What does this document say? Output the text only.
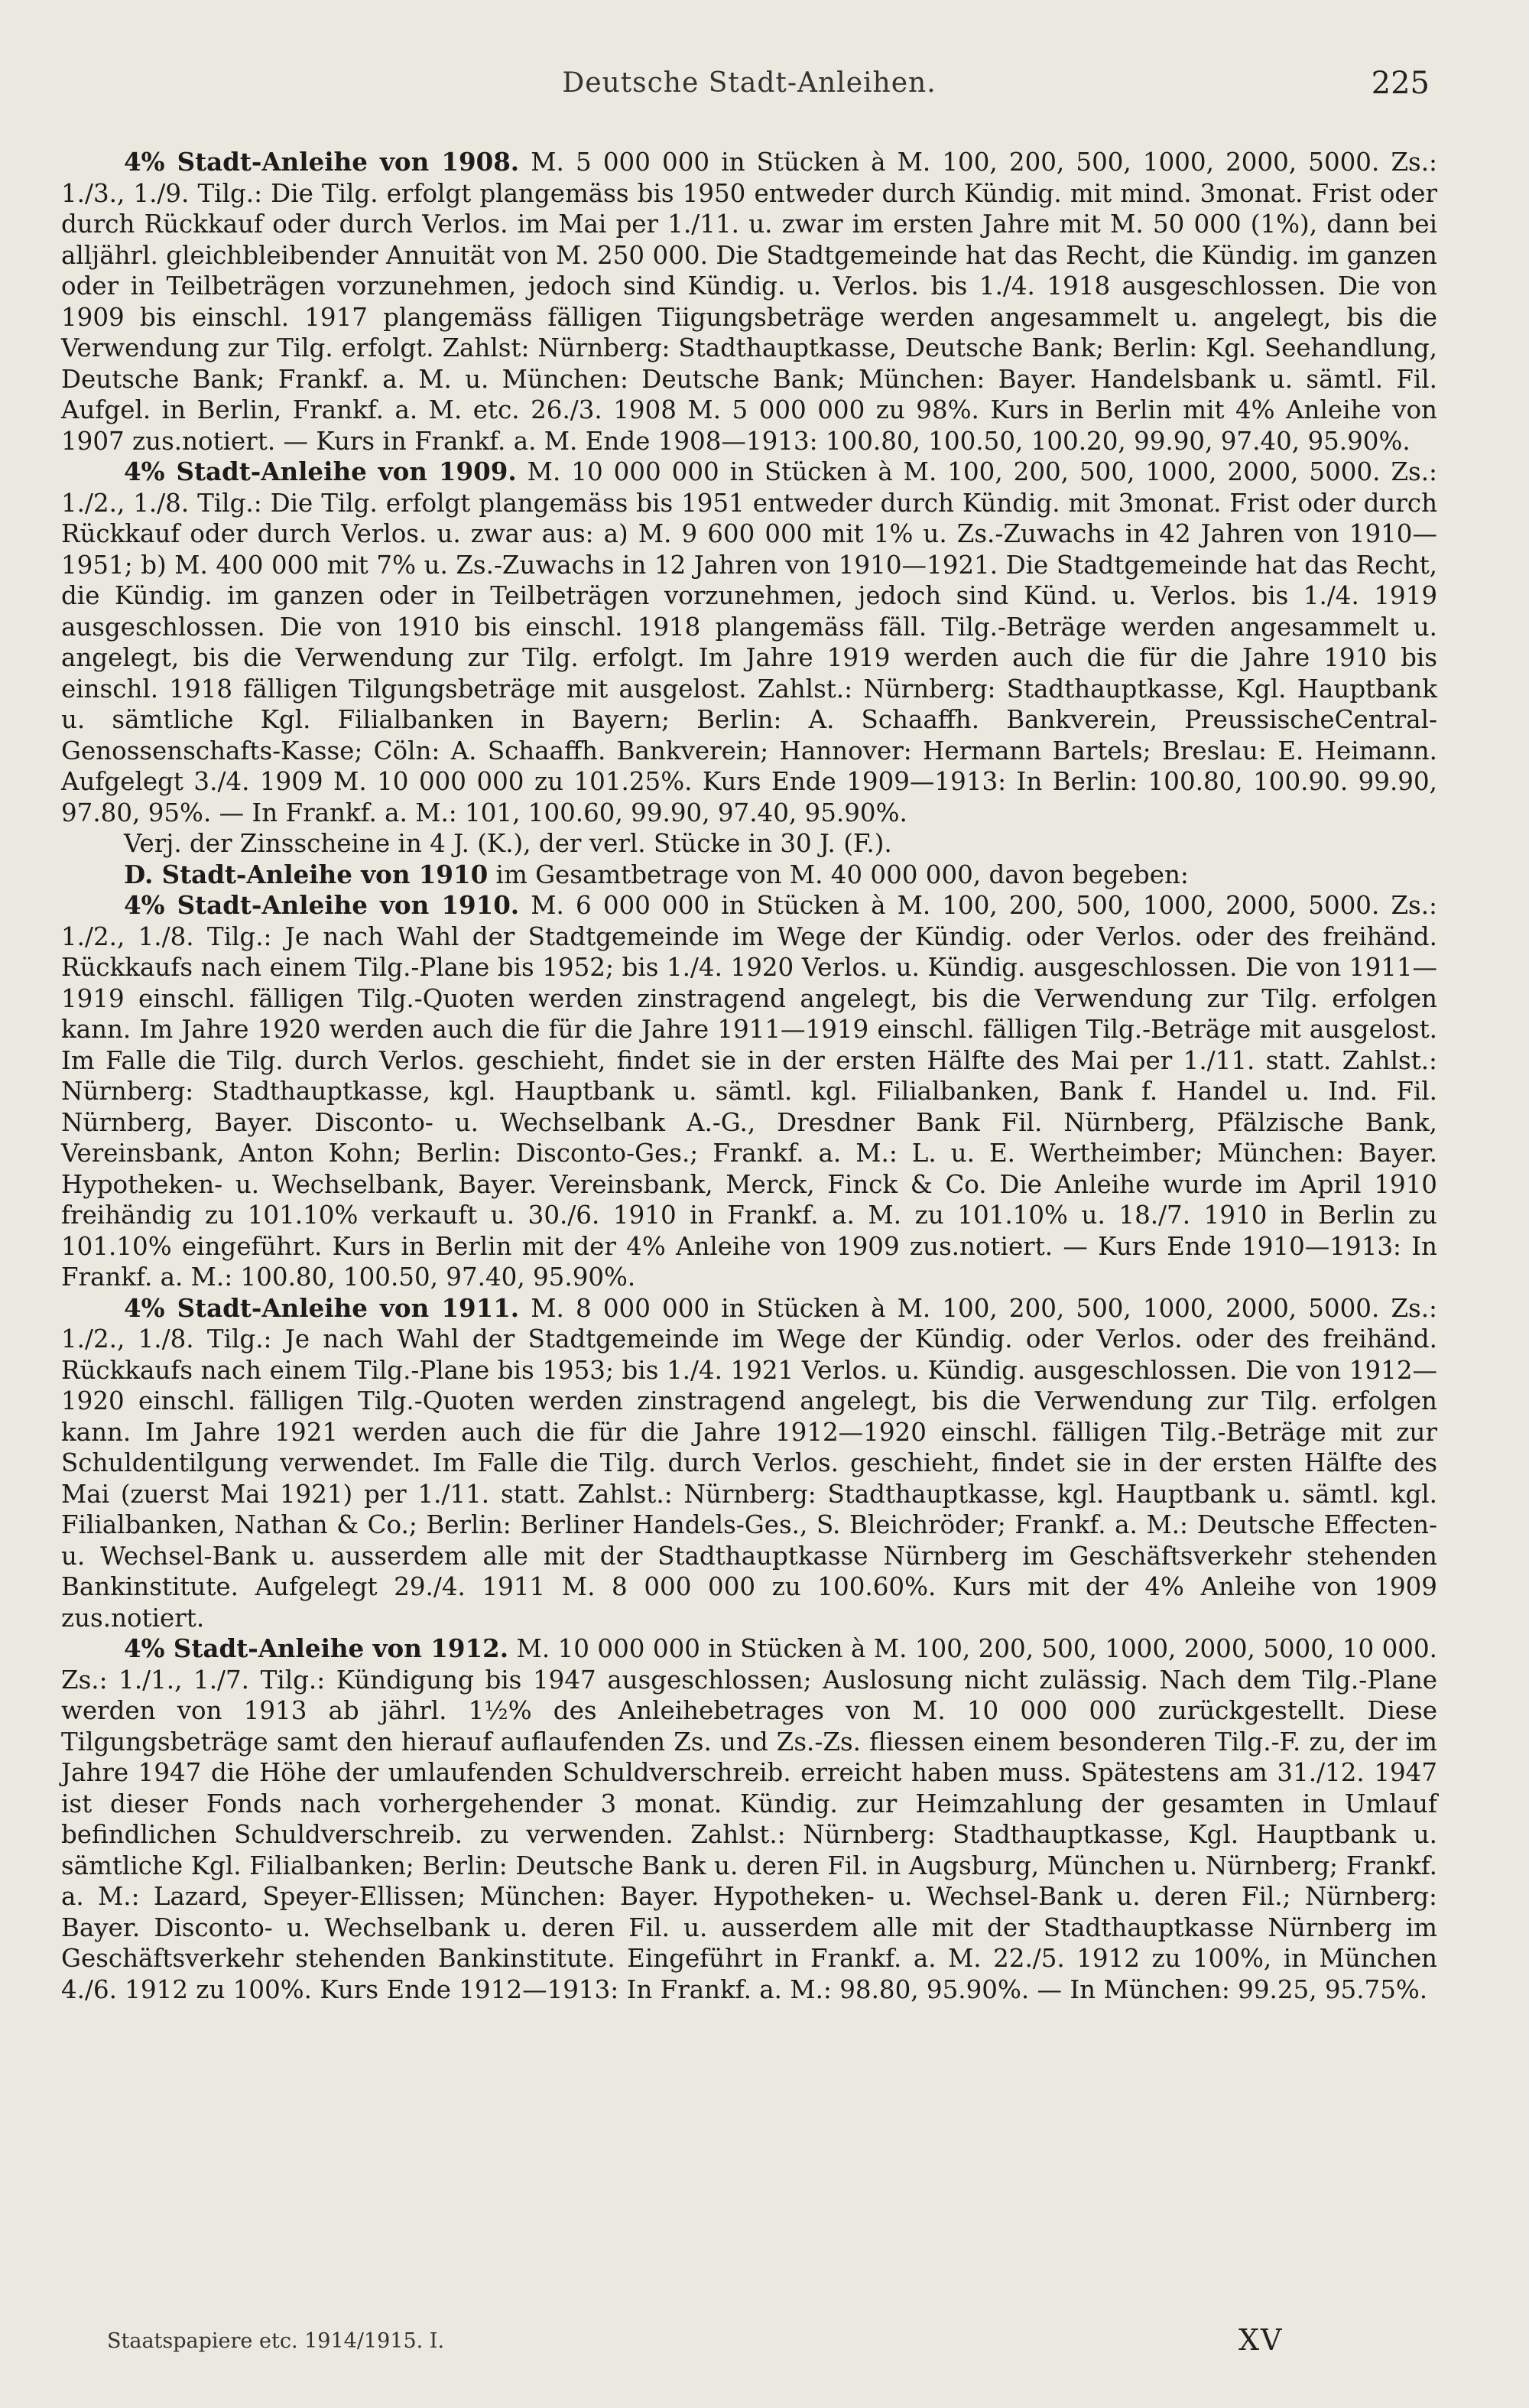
Deutsche Stadt-Anleihen.	225

4% Stadt-Anleihe von 1908. M. 5 000 000 in Stücken à M. 100, 200, 500, 1000, 2000, 5000. Zs.: 1./3., 1./9. Tilg.: Die Tilg. erfolgt plangemäss bis 1950 entweder durch Kündig. mit mind. 3monat. Frist oder durch Rückkauf oder durch Verlos. im Mai per 1./11. u. zwar im ersten Jahre mit M. 50 000 (1%), dann bei alljährl. gleichbleibender Annuität von M. 250 000. Die Stadtgemeinde hat das Recht, die Kündig. im ganzen oder in Teilbeträgen vorzunehmen, jedoch sind Kündig. u. Verlos. bis 1./4. 1918 ausgeschlossen. Die von 1909 bis einschl. 1917 plangemäss fälligen Tiigungsbeträge werden angesammelt u. angelegt, bis die Verwendung zur Tilg. erfolgt. Zahlst: Nürnberg: Stadthauptkasse, Deutsche Bank; Berlin: Kgl. Seehandlung, Deutsche Bank; Frankf. a. M. u. München: Deutsche Bank; München: Bayer. Handelsbank u. sämtl. Fil. Aufgel. in Berlin, Frankf. a. M. etc. 26./3. 1908 M. 5 000 000 zu 98%. Kurs in Berlin mit 4% Anleihe von 1907 zus.notiert. — Kurs in Frankf. a. M. Ende 1908—1913: 100.80, 100.50, 100.20, 99.90, 97.40, 95.90%.

4% Stadt-Anleihe von 1909. M. 10 000 000 in Stücken à M. 100, 200, 500, 1000, 2000, 5000. Zs.: 1./2., 1./8. Tilg.: Die Tilg. erfolgt plangemäss bis 1951 entweder durch Kündig. mit 3monat. Frist oder durch Rückkauf oder durch Verlos. u. zwar aus: a) M. 9 600 000 mit 1% u. Zs.-Zuwachs in 42 Jahren von 1910—1951; b) M. 400 000 mit 7% u. Zs.-Zuwachs in 12 Jahren von 1910—1921. Die Stadtgemeinde hat das Recht, die Kündig. im ganzen oder in Teilbeträgen vorzunehmen, jedoch sind Künd. u. Verlos. bis 1./4. 1919 ausgeschlossen. Die von 1910 bis einschl. 1918 plangemäss fäll. Tilg.-Beträge werden angesammelt u. angelegt, bis die Verwendung zur Tilg. erfolgt. Im Jahre 1919 werden auch die für die Jahre 1910 bis einschl. 1918 fälligen Tilgungsbeträge mit ausgelost. Zahlst.: Nürnberg: Stadthauptkasse, Kgl. Hauptbank u. sämtliche Kgl. Filialbanken in Bayern; Berlin: A. Schaaffh. Bankverein, PreussischeCentral-Genossenschafts-Kasse; Cöln: A. Schaaffh. Bankverein; Hannover: Hermann Bartels; Breslau: E. Heimann. Aufgelegt 3./4. 1909 M. 10 000 000 zu 101.25%. Kurs Ende 1909—1913: In Berlin: 100.80, 100.90. 99.90, 97.80, 95%. — In Frankf. a. M.: 101, 100.60, 99.90, 97.40, 95.90%.

Verj. der Zinsscheine in 4 J. (K.), der verl. Stücke in 30 J. (F.).

D. Stadt-Anleihe von 1910 im Gesamtbetrage von M. 40 000 000, davon begeben:

4% Stadt-Anleihe von 1910. M. 6 000 000 in Stücken à M. 100, 200, 500, 1000, 2000, 5000. Zs.: 1./2., 1./8. Tilg.: Je nach Wahl der Stadtgemeinde im Wege der Kündig. oder Verlos. oder des freihänd. Rückkaufs nach einem Tilg.-Plane bis 1952; bis 1./4. 1920 Verlos. u. Kündig. ausgeschlossen. Die von 1911—1919 einschl. fälligen Tilg.-Quoten werden zinstragend angelegt, bis die Verwendung zur Tilg. erfolgen kann. Im Jahre 1920 werden auch die für die Jahre 1911—1919 einschl. fälligen Tilg.-Beträge mit ausgelost. Im Falle die Tilg. durch Verlos. geschieht, findet sie in der ersten Hälfte des Mai per 1./11. statt. Zahlst.: Nürnberg: Stadthauptkasse, kgl. Hauptbank u. sämtl. kgl. Filialbanken, Bank f. Handel u. Ind. Fil. Nürnberg, Bayer. Disconto- u. Wechselbank A.-G., Dresdner Bank Fil. Nürnberg, Pfälzische Bank, Vereinsbank, Anton Kohn; Berlin: Disconto-Ges.; Frankf. a. M.: L. u. E. Wertheimber; München: Bayer. Hypotheken- u. Wechselbank, Bayer. Vereinsbank, Merck, Finck & Co. Die Anleihe wurde im April 1910 freihändig zu 101.10% verkauft u. 30./6. 1910 in Frankf. a. M. zu 101.10% u. 18./7. 1910 in Berlin zu 101.10% eingeführt. Kurs in Berlin mit der 4% Anleihe von 1909 zus.notiert. — Kurs Ende 1910—1913: In Frankf. a. M.: 100.80, 100.50, 97.40, 95.90%.

4% Stadt-Anleihe von 1911. M. 8 000 000 in Stücken à M. 100, 200, 500, 1000, 2000, 5000. Zs.: 1./2., 1./8. Tilg.: Je nach Wahl der Stadtgemeinde im Wege der Kündig. oder Verlos. oder des freihänd. Rückkaufs nach einem Tilg.-Plane bis 1953; bis 1./4. 1921 Verlos. u. Kündig. ausgeschlossen. Die von 1912—1920 einschl. fälligen Tilg.-Quoten werden zinstragend angelegt, bis die Verwendung zur Tilg. erfolgen kann. Im Jahre 1921 werden auch die für die Jahre 1912—1920 einschl. fälligen Tilg.-Beträge mit zur Schuldentilgung verwendet. Im Falle die Tilg. durch Verlos. geschieht, findet sie in der ersten Hälfte des Mai (zuerst Mai 1921) per 1./11. statt. Zahlst.: Nürnberg: Stadthauptkasse, kgl. Hauptbank u. sämtl. kgl. Filialbanken, Nathan & Co.; Berlin: Berliner Handels-Ges., S. Bleichröder; Frankf. a. M.: Deutsche Effecten- u. Wechsel-Bank u. ausserdem alle mit der Stadthauptkasse Nürnberg im Geschäftsverkehr stehenden Bankinstitute. Aufgelegt 29./4. 1911 M. 8 000 000 zu 100.60%. Kurs mit der 4% Anleihe von 1909 zus.notiert.

4% Stadt-Anleihe von 1912. M. 10 000 000 in Stücken à M. 100, 200, 500, 1000, 2000, 5000, 10 000. Zs.: 1./1., 1./7. Tilg.: Kündigung bis 1947 ausgeschlossen; Auslosung nicht zulässig. Nach dem Tilg.-Plane werden von 1913 ab jährl. 1½% des Anleihebetrages von M. 10 000 000 zurückgestellt. Diese Tilgungsbeträge samt den hierauf auflaufenden Zs. und Zs.-Zs. fliessen einem besonderen Tilg.-F. zu, der im Jahre 1947 die Höhe der umlaufenden Schuldverschreib. erreicht haben muss. Spätestens am 31./12. 1947 ist dieser Fonds nach vorhergehender 3 monat. Kündig. zur Heimzahlung der gesamten in Umlauf befindlichen Schuldverschreib. zu verwenden. Zahlst.: Nürnberg: Stadthauptkasse, Kgl. Hauptbank u. sämtliche Kgl. Filialbanken; Berlin: Deutsche Bank u. deren Fil. in Augsburg, München u. Nürnberg; Frankf. a. M.: Lazard, Speyer-Ellissen; München: Bayer. Hypotheken- u. Wechsel-Bank u. deren Fil.; Nürnberg: Bayer. Disconto- u. Wechselbank u. deren Fil. u. ausserdem alle mit der Stadthauptkasse Nürnberg im Geschäftsverkehr stehenden Bankinstitute. Eingeführt in Frankf. a. M. 22./5. 1912 zu 100%, in München 4./6. 1912 zu 100%. Kurs Ende 1912—1913: In Frankf. a. M.: 98.80, 95.90%. — In München: 99.25, 95.75%.

Staatspapiere etc. 1914/1915. I.	XV
